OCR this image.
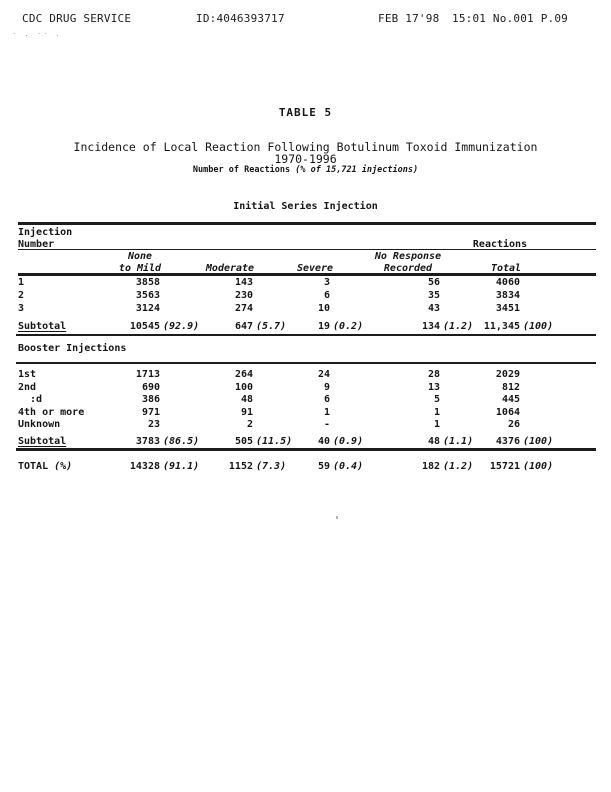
CDC DRUG SERVICE	ID:4046393717	FEB 17'98 15:01 No.001 P.09
· . ·· .
TABLE 5
Incidence of Local Reaction Following Botulinum Toxoid Immunization
1970-1996
Number of Reactions (% of 15,721 injections)
Initial Series Injection
Injection
Number	Reactions
None
to Mild	Moderate	Severe
No Response
Recorded	Total
1	3858	143	3	56	4060
2	3563	230	6	35	3834
3	3124	274	10	43	3451
Subtotal	10545 (92.9)	647 (5.7)	19 (0.2)	134 (1.2)	11,345 (100)
Booster Injections
1st	1713	264	24	28	2029
2nd	690	100	9	13	812
:d	386	48	6	5	445
4th or more	971	91	1	1	1064
Unknown	23	2	-	1	26
Subtotal	3783 (86.5)	505 (11.5)	40 (0.9)	48 (1.1)	4376 (100)
TOTAL (%)	14328 (91.1)	1152 (7.3)	59 (0.4)	182 (1.2)	15721 (100)
